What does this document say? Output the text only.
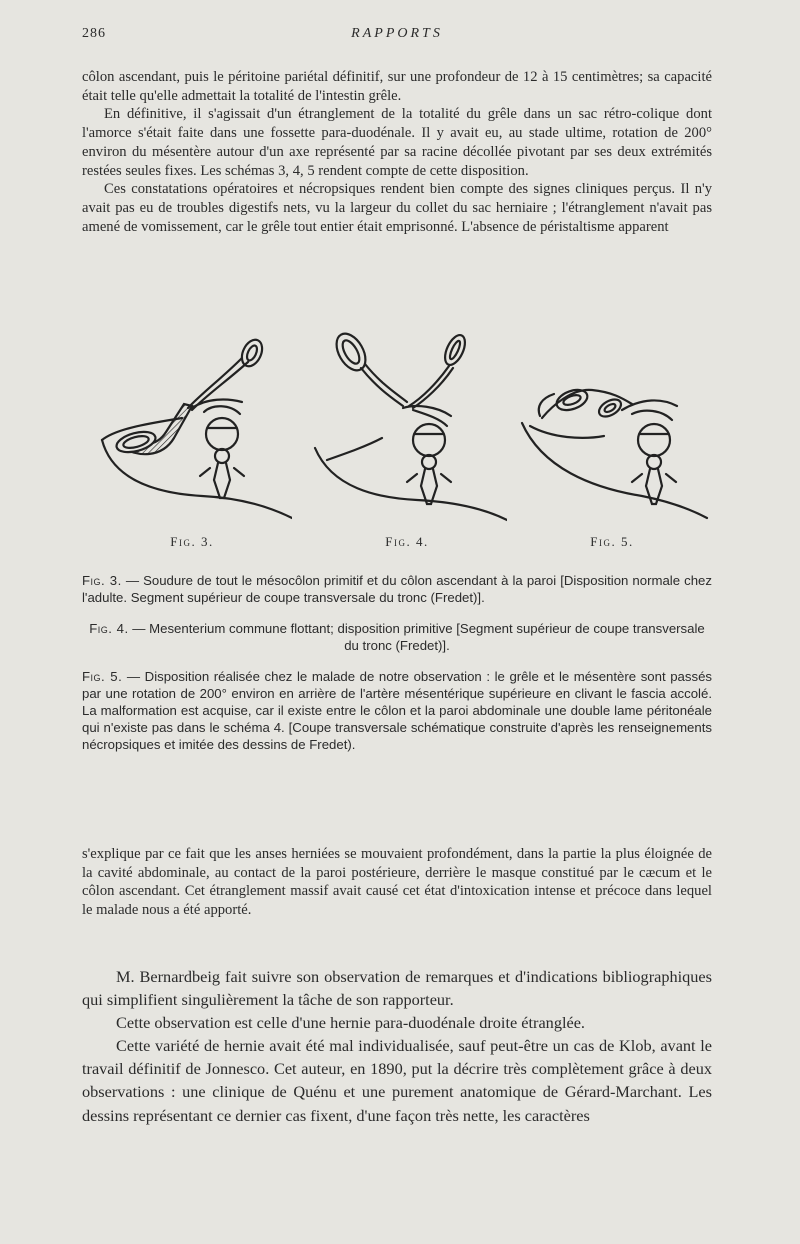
286	RAPPORTS

côlon ascendant, puis le péritoine pariétal définitif, sur une profondeur de 12 à 15 centimètres; sa capacité était telle qu'elle admettait la totalité de l'intestin grêle.

En définitive, il s'agissait d'un étranglement de la totalité du grêle dans un sac rétro-colique dont l'amorce s'était faite dans une fossette para-duodénale. Il y avait eu, au stade ultime, rotation de 200° environ du mésentère autour d'un axe représenté par sa racine décollée pivotant par ses deux extrémités restées seules fixes. Les schémas 3, 4, 5 rendent compte de cette disposition.

Ces constatations opératoires et nécropsiques rendent bien compte des signes cliniques perçus. Il n'y avait pas eu de troubles digestifs nets, vu la largeur du collet du sac herniaire ; l'étranglement n'avait pas amené de vomissement, car le grêle tout entier était emprisonné. L'absence de péristaltisme apparent

Fig. 3.	Fig. 4.	Fig. 5.

Fig. 3. — Soudure de tout le mésocôlon primitif et du côlon ascendant à la paroi [Disposition normale chez l'adulte. Segment supérieur de coupe transversale du tronc (Fredet)].

Fig. 4. — Mesenterium commune flottant; disposition primitive [Segment supérieur de coupe transversale du tronc (Fredet)].

Fig. 5. — Disposition réalisée chez le malade de notre observation : le grêle et le mésentère sont passés par une rotation de 200° environ en arrière de l'artère mésentérique supérieure en clivant le fascia accolé. La malformation est acquise, car il existe entre le côlon et la paroi abdominale une double lame péritonéale qui n'existe pas dans le schéma 4. [Coupe transversale schématique construite d'après les renseignements nécropsiques et imitée des dessins de Fredet).

s'explique par ce fait que les anses herniées se mouvaient profondément, dans la partie la plus éloignée de la cavité abdominale, au contact de la paroi postérieure, derrière le masque constitué par le cæcum et le côlon ascendant. Cet étranglement massif avait causé cet état d'intoxication intense et précoce dans lequel le malade nous a été apporté.

M. Bernardbeig fait suivre son observation de remarques et d'indications bibliographiques qui simplifient singulièrement la tâche de son rapporteur.

Cette observation est celle d'une hernie para-duodénale droite étranglée.

Cette variété de hernie avait été mal individualisée, sauf peut-être un cas de Klob, avant le travail définitif de Jonnesco. Cet auteur, en 1890, put la décrire très complètement grâce à deux observations : une clinique de Quénu et une purement anatomique de Gérard-Marchant. Les dessins représentant ce dernier cas fixent, d'une façon très nette, les caractères
